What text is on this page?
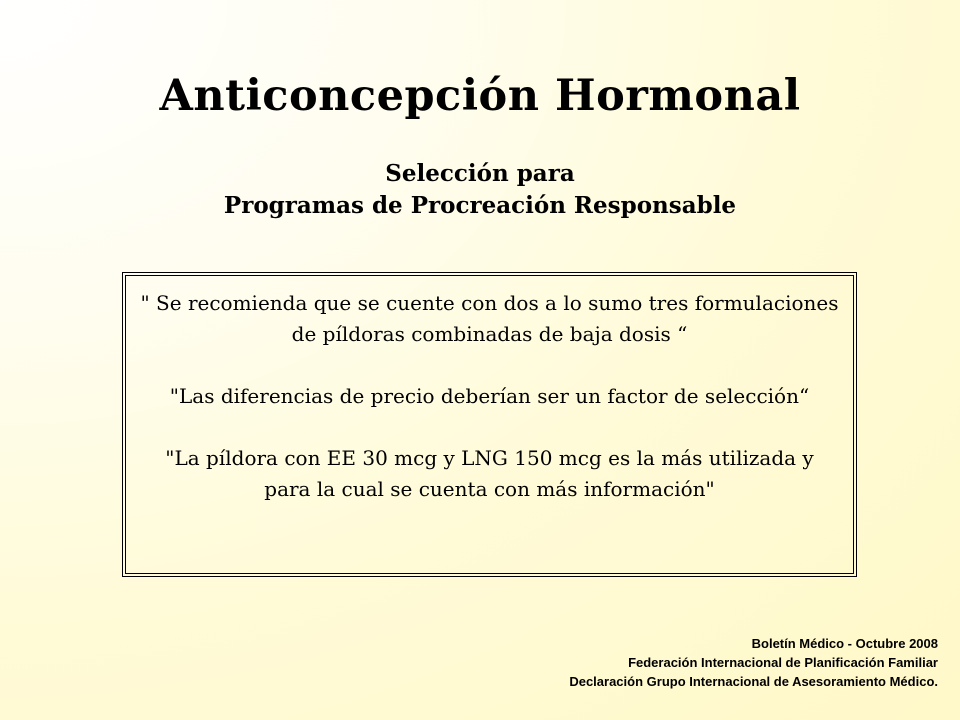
Anticoncepción Hormonal
Selección para
Programas de Procreación Responsable

" Se recomienda que se cuente con dos a lo sumo tres formulaciones de píldoras combinadas de baja dosis “

"Las diferencias de precio deberían ser un factor de selección“

"La píldora con EE 30 mcg y LNG 150 mcg es la más utilizada y para la cual se cuenta con más información"

Boletín Médico - Octubre 2008
Federación Internacional de Planificación Familiar
Declaración Grupo Internacional de Asesoramiento Médico.
